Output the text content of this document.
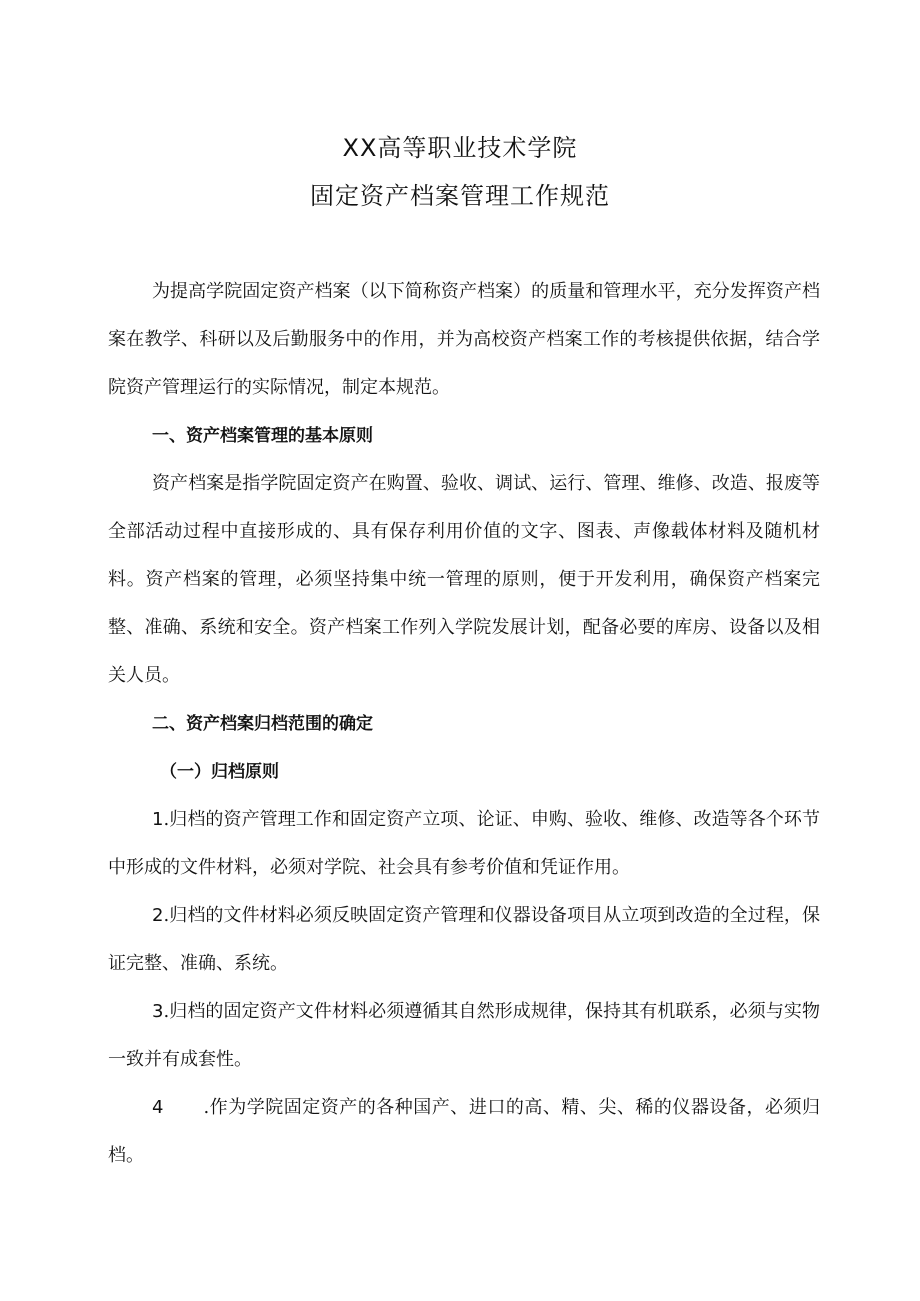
XX高等职业技术学院
固定资产档案管理工作规范

为提高学院固定资产档案（以下简称资产档案）的质量和管理水平，充分发挥资产档案在教学、科研以及后勤服务中的作用，并为高校资产档案工作的考核提供依据，结合学院资产管理运行的实际情况，制定本规范。

一、资产档案管理的基本原则

资产档案是指学院固定资产在购置、验收、调试、运行、管理、维修、改造、报废等全部活动过程中直接形成的、具有保存利用价值的文字、图表、声像载体材料及随机材料。资产档案的管理，必须坚持集中统一管理的原则，便于开发利用，确保资产档案完整、准确、系统和安全。资产档案工作列入学院发展计划，配备必要的库房、设备以及相关人员。

二、资产档案归档范围的确定

（一）归档原则

1.归档的资产管理工作和固定资产立项、论证、申购、验收、维修、改造等各个环节中形成的文件材料，必须对学院、社会具有参考价值和凭证作用。

2.归档的文件材料必须反映固定资产管理和仪器设备项目从立项到改造的全过程，保证完整、准确、系统。

3.归档的固定资产文件材料必须遵循其自然形成规律，保持其有机联系，必须与实物一致并有成套性。

4 .作为学院固定资产的各种国产、进口的高、精、尖、稀的仪器设备，必须归档。
